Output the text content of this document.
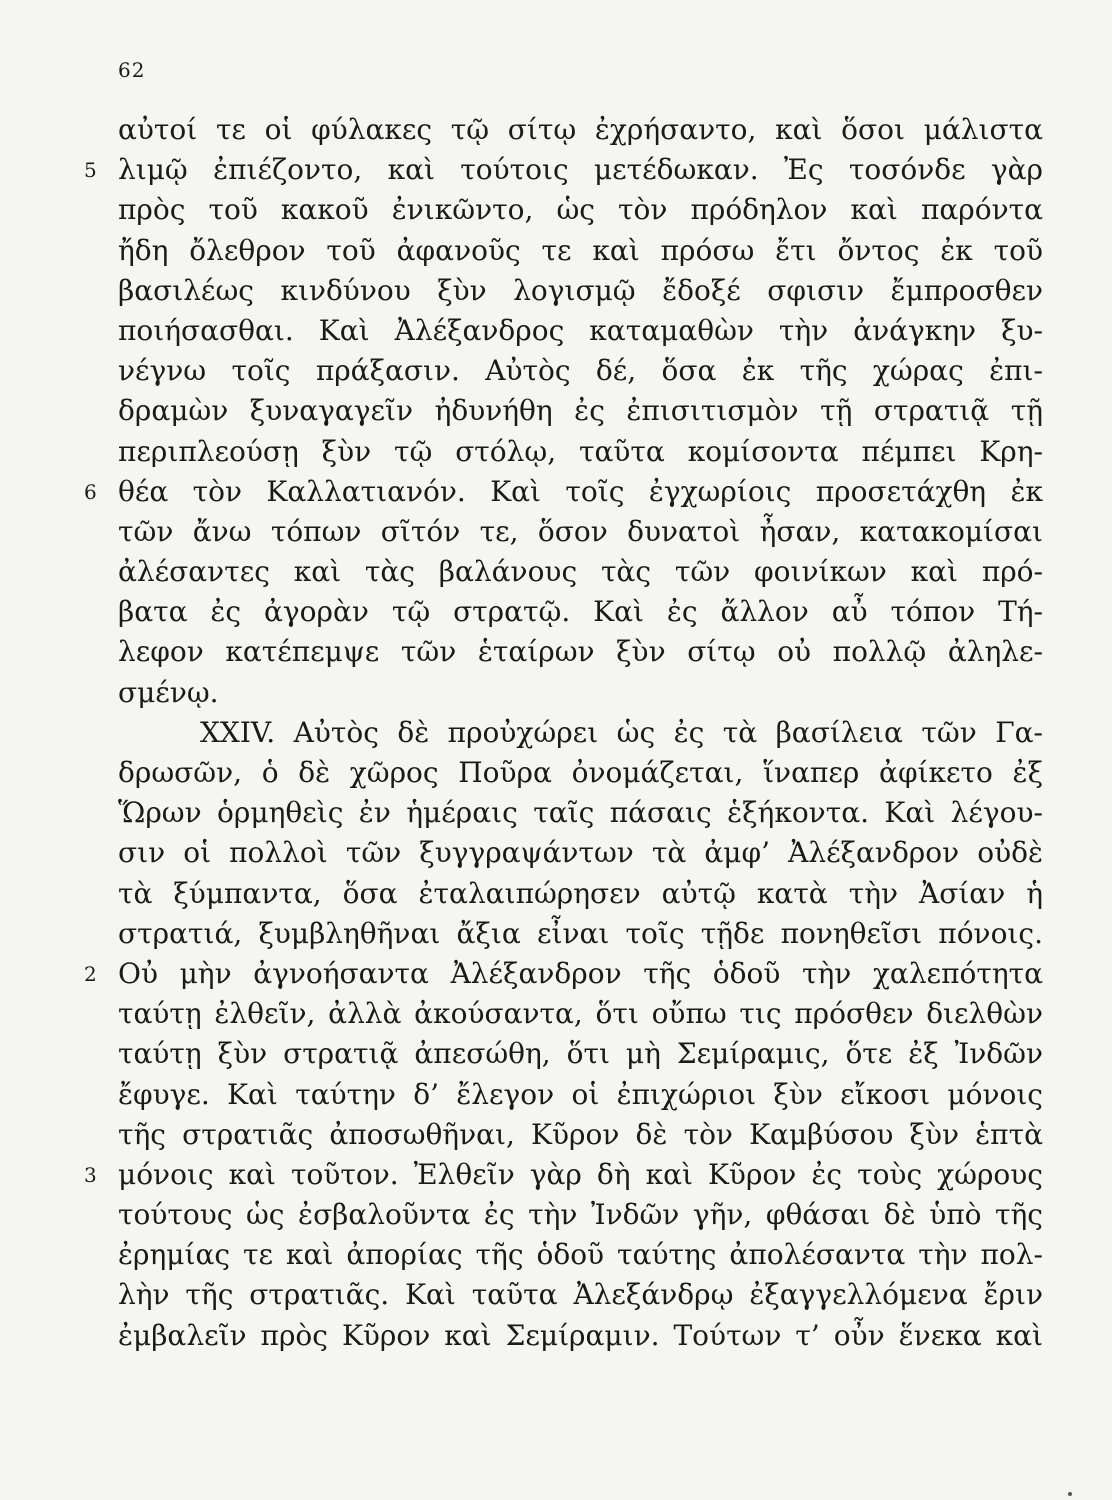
62
αὐτοί τε οἱ φύλακες τῷ σίτῳ ἐχρήσαντο, καὶ ὅσοι μάλιστα
5 λιμῷ ἐπιέζοντο, καὶ τούτοις μετέδωκαν. Ἐς τοσόνδε γὰρ
πρὸς τοῦ κακοῦ ἐνικῶντο, ὡς τὸν πρόδηλον καὶ παρόντα
ἤδη ὄλεθρον τοῦ ἀφανοῦς τε καὶ πρόσω ἔτι ὄντος ἐκ τοῦ
βασιλέως κινδύνου ξὺν λογισμῷ ἔδοξέ σφισιν ἔμπροσθεν
ποιήσασθαι. Καὶ Ἀλέξανδρος καταμαθὼν τὴν ἀνάγκην ξυ-
νέγνω τοῖς πράξασιν. Αὐτὸς δέ, ὅσα ἐκ τῆς χώρας ἐπι-
δραμὼν ξυναγαγεῖν ἠδυνήθη ἐς ἐπισιτισμὸν τῇ στρατιᾷ τῇ
περιπλεούσῃ ξὺν τῷ στόλῳ, ταῦτα κομίσοντα πέμπει Κρη-
6 θέα τὸν Καλλατιανόν. Καὶ τοῖς ἐγχωρίοις προσετάχθη ἐκ
τῶν ἄνω τόπων σῖτόν τε, ὅσον δυνατοὶ ἦσαν, κατακομίσαι
ἀλέσαντες καὶ τὰς βαλάνους τὰς τῶν φοινίκων καὶ πρό-
βατα ἐς ἀγορὰν τῷ στρατῷ. Καὶ ἐς ἄλλον αὖ τόπον Τή-
λεφον κατέπεμψε τῶν ἑταίρων ξὺν σίτῳ οὐ πολλῷ ἀληλε-
σμένῳ.
XXIV. Αὐτὸς δὲ προὐχώρει ὡς ἐς τὰ βασίλεια τῶν Γα-
δρωσῶν, ὁ δὲ χῶρος Ποῦρα ὀνομάζεται, ἵναπερ ἀφίκετο ἐξ
Ὥρων ὁρμηθεὶς ἐν ἡμέραις ταῖς πάσαις ἑξήκοντα. Καὶ λέγου-
σιν οἱ πολλοὶ τῶν ξυγγραψάντων τὰ ἀμφ’ Ἀλέξανδρον οὐδὲ
τὰ ξύμπαντα, ὅσα ἐταλαιπώρησεν αὐτῷ κατὰ τὴν Ἀσίαν ἡ
στρατιά, ξυμβληθῆναι ἄξια εἶναι τοῖς τῇδε πονηθεῖσι πόνοις.
2 Οὐ μὴν ἀγνοήσαντα Ἀλέξανδρον τῆς ὁδοῦ τὴν χαλεπότητα
ταύτῃ ἐλθεῖν, ἀλλὰ ἀκούσαντα, ὅτι οὔπω τις πρόσθεν διελθὼν
ταύτῃ ξὺν στρατιᾷ ἀπεσώθη, ὅτι μὴ Σεμίραμις, ὅτε ἐξ Ἰνδῶν
ἔφυγε. Καὶ ταύτην δ’ ἔλεγον οἱ ἐπιχώριοι ξὺν εἴκοσι μόνοις
τῆς στρατιᾶς ἀποσωθῆναι, Κῦρον δὲ τὸν Καμβύσου ξὺν ἑπτὰ
3 μόνοις καὶ τοῦτον. Ἐλθεῖν γὰρ δὴ καὶ Κῦρον ἐς τοὺς χώρους
τούτους ὡς ἐσβαλοῦντα ἐς τὴν Ἰνδῶν γῆν, φθάσαι δὲ ὑπὸ τῆς
ἐρημίας τε καὶ ἀπορίας τῆς ὁδοῦ ταύτης ἀπολέσαντα τὴν πολ-
λὴν τῆς στρατιᾶς. Καὶ ταῦτα Ἀλεξάνδρῳ ἐξαγγελλόμενα ἔριν
ἐμβαλεῖν πρὸς Κῦρον καὶ Σεμίραμιν. Τούτων τ’ οὖν ἕνεκα καὶ
